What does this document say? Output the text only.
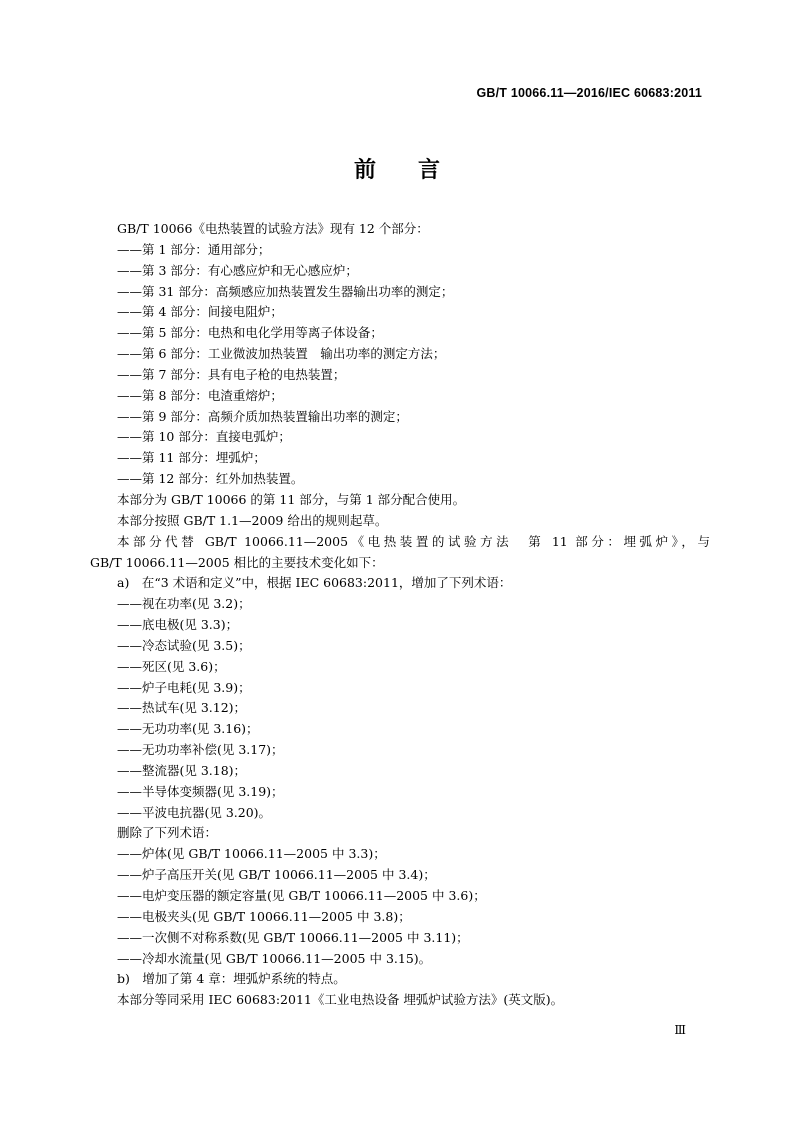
GB/T 10066.11—2016/IEC 60683:2011
前言
GB/T 10066《电热装置的试验方法》现有 12 个部分：
——第 1 部分：通用部分；
——第 3 部分：有心感应炉和无心感应炉；
——第 31 部分：高频感应加热装置发生器输出功率的测定；
——第 4 部分：间接电阻炉；
——第 5 部分：电热和电化学用等离子体设备；
——第 6 部分：工业微波加热装置　输出功率的测定方法；
——第 7 部分：具有电子枪的电热装置；
——第 8 部分：电渣重熔炉；
——第 9 部分：高频介质加热装置输出功率的测定；
——第 10 部分：直接电弧炉；
——第 11 部分：埋弧炉；
——第 12 部分：红外加热装置。
本部分为 GB/T 10066 的第 11 部分，与第 1 部分配合使用。
本部分按照 GB/T 1.1—2009 给出的规则起草。
本部分代替 GB/T 10066.11—2005《电热装置的试验方法　第 11 部分：埋弧炉》，与
GB/T 10066.11—2005 相比的主要技术变化如下：
a)　在“3 术语和定义”中，根据 IEC 60683:2011，增加了下列术语：
——视在功率(见 3.2)；
——底电极(见 3.3)；
——冷态试验(见 3.5)；
——死区(见 3.6)；
——炉子电耗(见 3.9)；
——热试车(见 3.12)；
——无功功率(见 3.16)；
——无功功率补偿(见 3.17)；
——整流器(见 3.18)；
——半导体变频器(见 3.19)；
——平波电抗器(见 3.20)。
删除了下列术语：
——炉体(见 GB/T 10066.11—2005 中 3.3)；
——炉子高压开关(见 GB/T 10066.11—2005 中 3.4)；
——电炉变压器的额定容量(见 GB/T 10066.11—2005 中 3.6)；
——电极夹头(见 GB/T 10066.11—2005 中 3.8)；
——一次侧不对称系数(见 GB/T 10066.11—2005 中 3.11)；
——冷却水流量(见 GB/T 10066.11—2005 中 3.15)。
b)　增加了第 4 章：埋弧炉系统的特点。
本部分等同采用 IEC 60683:2011《工业电热设备 埋弧炉试验方法》(英文版)。
Ⅲ
